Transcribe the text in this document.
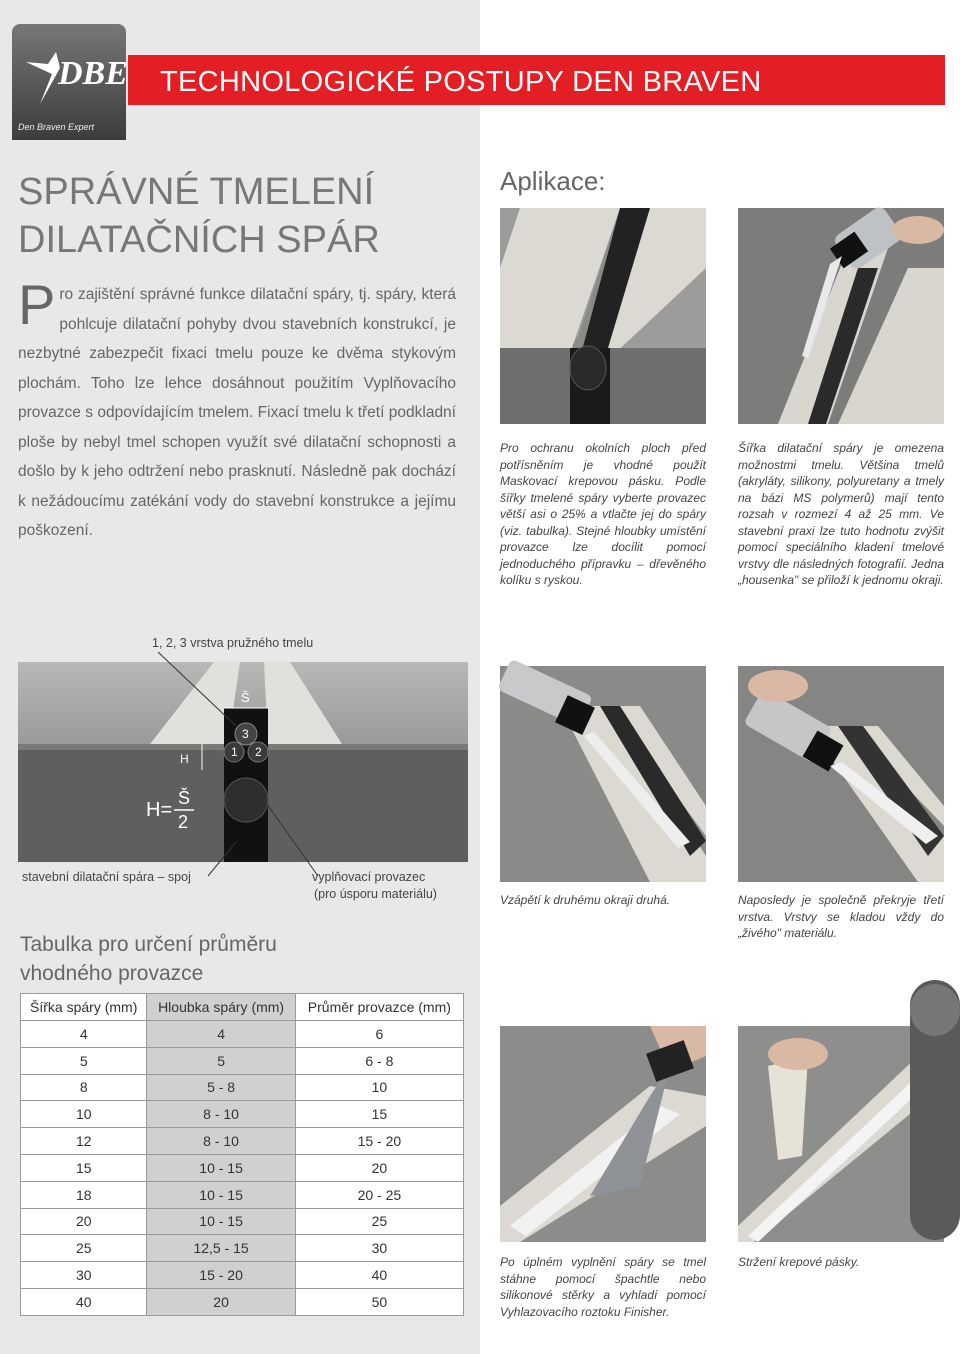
DBE
Den Braven Expert
TECHNOLOGICKÉ POSTUPY DEN BRAVEN
SPRÁVNÉ TMELENÍ
DILATAČNÍCH SPÁR
Pro zajištění správné funkce dilatační spáry, tj. spáry, která pohlcuje dilatační pohyby dvou stavebních konstrukcí, je nezbytné zabezpečit fixaci tmelu pouze ke dvěma stykovým plochám. Toho lze lehce dosáhnout použitím Vyplňovacího provazce s odpovídajícím tmelem. Fixací tmelu k třetí podkladní ploše by nebyl tmel schopen využít své dilatační schopnosti a došlo by k jeho odtržení nebo prasknutí. Následně pak dochází k nežádoucímu zatékání vody do stavební konstrukce a jejímu poškození.
1, 2, 3 vrstva pružného tmelu
1 2
3
Š
H
H=
Š
2
stavební dilatační spára – spoj	vyplňovací provazec
(pro úsporu materiálu)
Tabulka pro určení průměru
vhodného provazce
Šířka spáry (mm)	Hloubka spáry (mm)	Průměr provazce (mm)
4	4	6
5	5	6 - 8
8	5 - 8	10
10	8 - 10	15
12	8 - 10	15 - 20
15	10 - 15	20
18	10 - 15	20 - 25
20	10 - 15	25
25	12,5 - 15	30
30	15 - 20	40
40	20	50
Aplikace:
Pro ochranu okolních ploch před potřísněním je vhodné použít Maskovací krepovou pásku. Podle šířky tmelené spáry vyberte provazec větší asi o 25% a vtlačte jej do spáry (viz. tabulka). Stejné hloubky umístění provazce lze docílit pomocí jednoduchého přípravku – dřevěného kolíku s ryskou.
Šířka dilatační spáry je omezena možnostmi tmelu. Většina tmelů (akryláty, silikony, polyuretany a tmely na bázi MS polymerů) mají tento rozsah v rozmezí 4 až 25 mm. Ve stavební praxi lze tuto hodnotu zvýšit pomocí speciálního kladení tmelové vrstvy dle následných fotografií. Jedna „housenka" se přiloží k jednomu okraji.
Vzápětí k druhému okraji druhá.	Naposledy je společně překryje třetí vrstva. Vrstvy se kladou vždy do „živého" materiálu.
Po úplném vyplnění spáry se tmel stáhne pomocí špachtle nebo silikonové stěrky a vyhladí pomocí Vyhlazovacího roztoku Finisher.
Stržení krepové pásky.
